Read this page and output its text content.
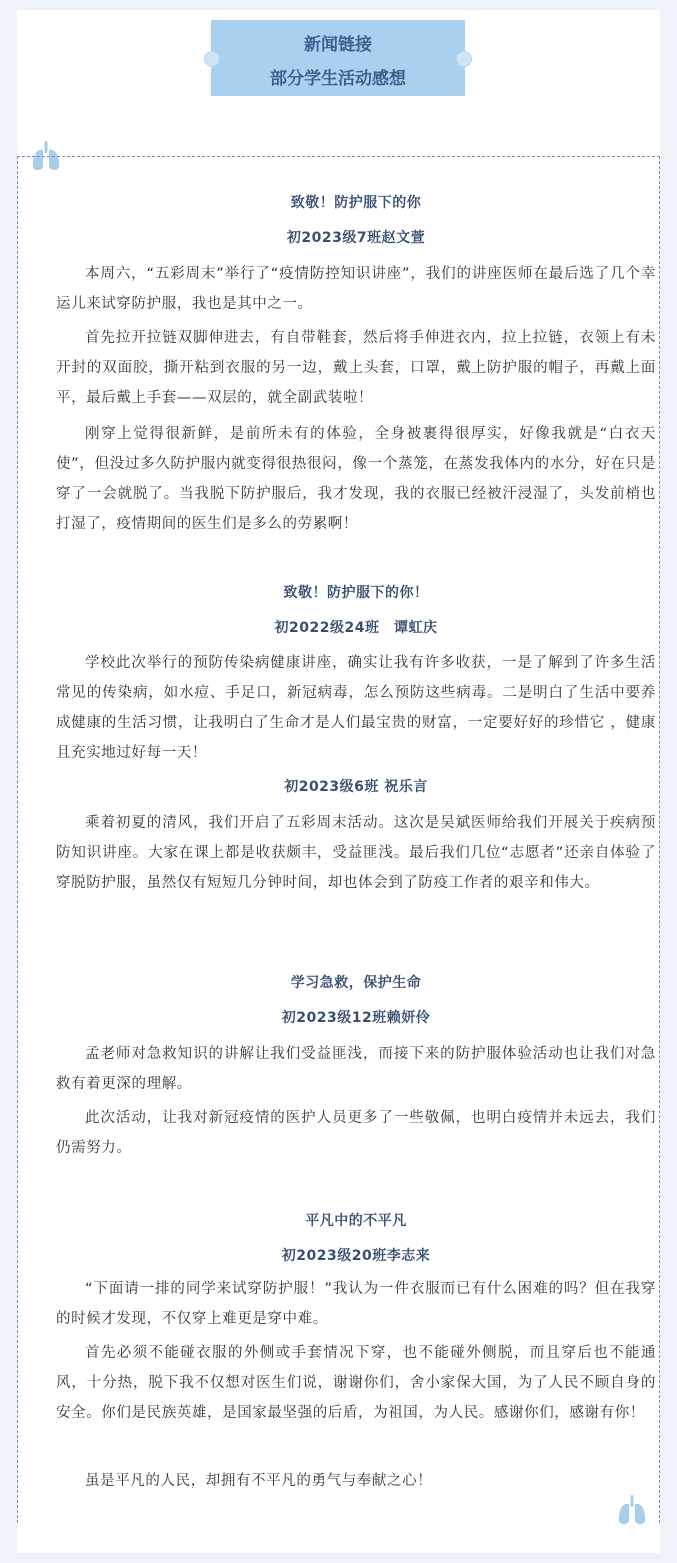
新闻链接
部分学生活动感想
致敬！防护服下的你
初2023级7班赵文萱
本周六，“五彩周末”举行了“疫情防控知识讲座”，我们的讲座医师在最后选了几个幸运儿来试穿防护服，我也是其中之一。
首先拉开拉链双脚伸进去，有自带鞋套，然后将手伸进衣内，拉上拉链，衣领上有未开封的双面胶，撕开粘到衣服的另一边，戴上头套，口罩，戴上防护服的帽子，再戴上面平，最后戴上手套——双层的，就全副武装啦！
刚穿上觉得很新鲜，是前所未有的体验，全身被裹得很厚实，好像我就是“白衣天使”，但没过多久防护服内就变得很热很闷，像一个蒸笼，在蒸发我体内的水分，好在只是穿了一会就脱了。当我脱下防护服后，我才发现，我的衣服已经被汗浸湿了，头发前梢也打湿了，疫情期间的医生们是多么的劳累啊！
致敬！防护服下的你！
初2022级24班　谭虹庆
学校此次举行的预防传染病健康讲座，确实让我有许多收获，一是了解到了许多生活常见的传染病，如水痘、手足口，新冠病毒，怎么预防这些病毒。二是明白了生活中要养成健康的生活习惯，让我明白了生命才是人们最宝贵的财富，一定要好好的珍惜它 ，健康且充实地过好每一天！
初2023级6班 祝乐言
乘着初夏的清风，我们开启了五彩周末活动。这次是吴斌医师给我们开展关于疾病预防知识讲座。大家在课上都是收获颇丰，受益匪浅。最后我们几位“志愿者”还亲自体验了穿脱防护服，虽然仅有短短几分钟时间，却也体会到了防疫工作者的艰辛和伟大。
学习急救，保护生命
初2023级12班赖妍伶
孟老师对急救知识的讲解让我们受益匪浅，而接下来的防护服体验活动也让我们对急救有着更深的理解。
此次活动，让我对新冠疫情的医护人员更多了一些敬佩，也明白疫情并未远去，我们仍需努力。
平凡中的不平凡
初2023级20班李志来
“下面请一排的同学来试穿防护服！”我认为一件衣服而已有什么困难的吗？但在我穿的时候才发现，不仅穿上难更是穿中难。
首先必须不能碰衣服的外侧或手套情况下穿，也不能碰外侧脱，而且穿后也不能通风，十分热，脱下我不仅想对医生们说，谢谢你们，舍小家保大国，为了人民不顾自身的安全。你们是民族英雄，是国家最坚强的后盾，为祖国，为人民。感谢你们，感谢有你！
虽是平凡的人民，却拥有不平凡的勇气与奉献之心！
